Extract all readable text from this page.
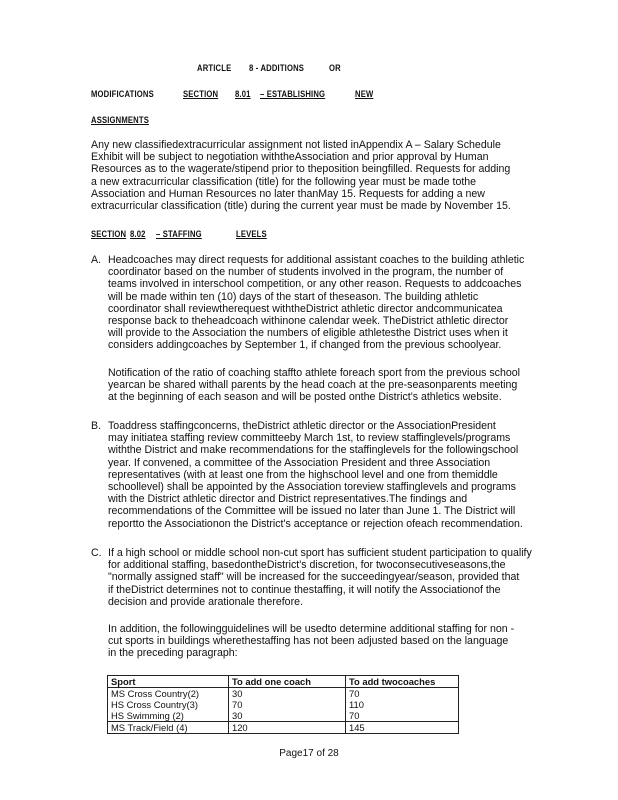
ARTICLE 8 - ADDITIONS	OR
MODIFICATIONS	SECTION 8.01 – ESTABLISHING	NEW
ASSIGNMENTS
Any new classifiedextracurricular assignment not listed inAppendix A – Salary Schedule
Exhibit will be subject to negotiation withtheAssociation and prior approval by Human
Resources as to the wagerate/stipend prior to theposition beingfilled. Requests for adding
a new extracurricular classification (title) for the following year must be made tothe
Association and Human Resources no later thanMay 15. Requests for adding a new
extracurricular classification (title) during the current year must be made by November 15.
SECTION 8.02 – STAFFING	LEVELS
A. Headcoaches may direct requests for additional assistant coaches to the building athletic
coordinator based on the number of students involved in the program, the number of
teams involved in interschool competition, or any other reason. Requests to addcoaches
will be made within ten (10) days of the start of theseason. The building athletic
coordinator shall reviewtherequest withtheDistrict athletic director andcommunicatea
response back to theheadcoach withinone calendar week. TheDistrict athletic director
will provide to the Association the numbers of eligible athletesthe District uses when it
considers addingcoaches by September 1, if changed from the previous schoolyear.
Notification of the ratio of coaching staffto athlete foreach sport from the previous school
yearcan be shared withall parents by the head coach at the pre-seasonparents meeting
at the beginning of each season and will be posted onthe District's athletics website.
B. Toaddress staffingconcerns, theDistrict athletic director or the AssociationPresident
may initiatea staffing review committeeby March 1st, to review staffinglevels/programs
withthe District and make recommendations for the staffinglevels for the followingschool
year. If convened, a committee of the Association President and three Association
representatives (with at least one from the highschool level and one from themiddle
schoollevel) shall be appointed by the Association toreview staffinglevels and programs
with the District athletic director and District representatives.The findings and
recommendations of the Committee will be issued no later than June 1. The District will
reportto the Associationon the District's acceptance or rejection ofeach recommendation.
C. If a high school or middle school non-cut sport has sufficient student participation to qualify
for additional staffing, basedontheDistrict's discretion, for twoconsecutiveseasons,the
"normally assigned staff" will be increased for the succeedingyear/season, provided that
if theDistrict determines not to continue thestaffing, it will notify the Associationof the
decision and provide arationale therefore.
In addition, the followingguidelines will be usedto determine additional staffing for non -
cut sports in buildings wherethestaffing has not been adjusted based on the language
in the preceding paragraph:
Sport	To add one coach	To add twocoaches
MS Cross Country(2)	30	70
HS Cross Country(3)	70	110
HS Swimming (2)	30	70
MS Track/Field (4)	120	145
Page17 of 28
